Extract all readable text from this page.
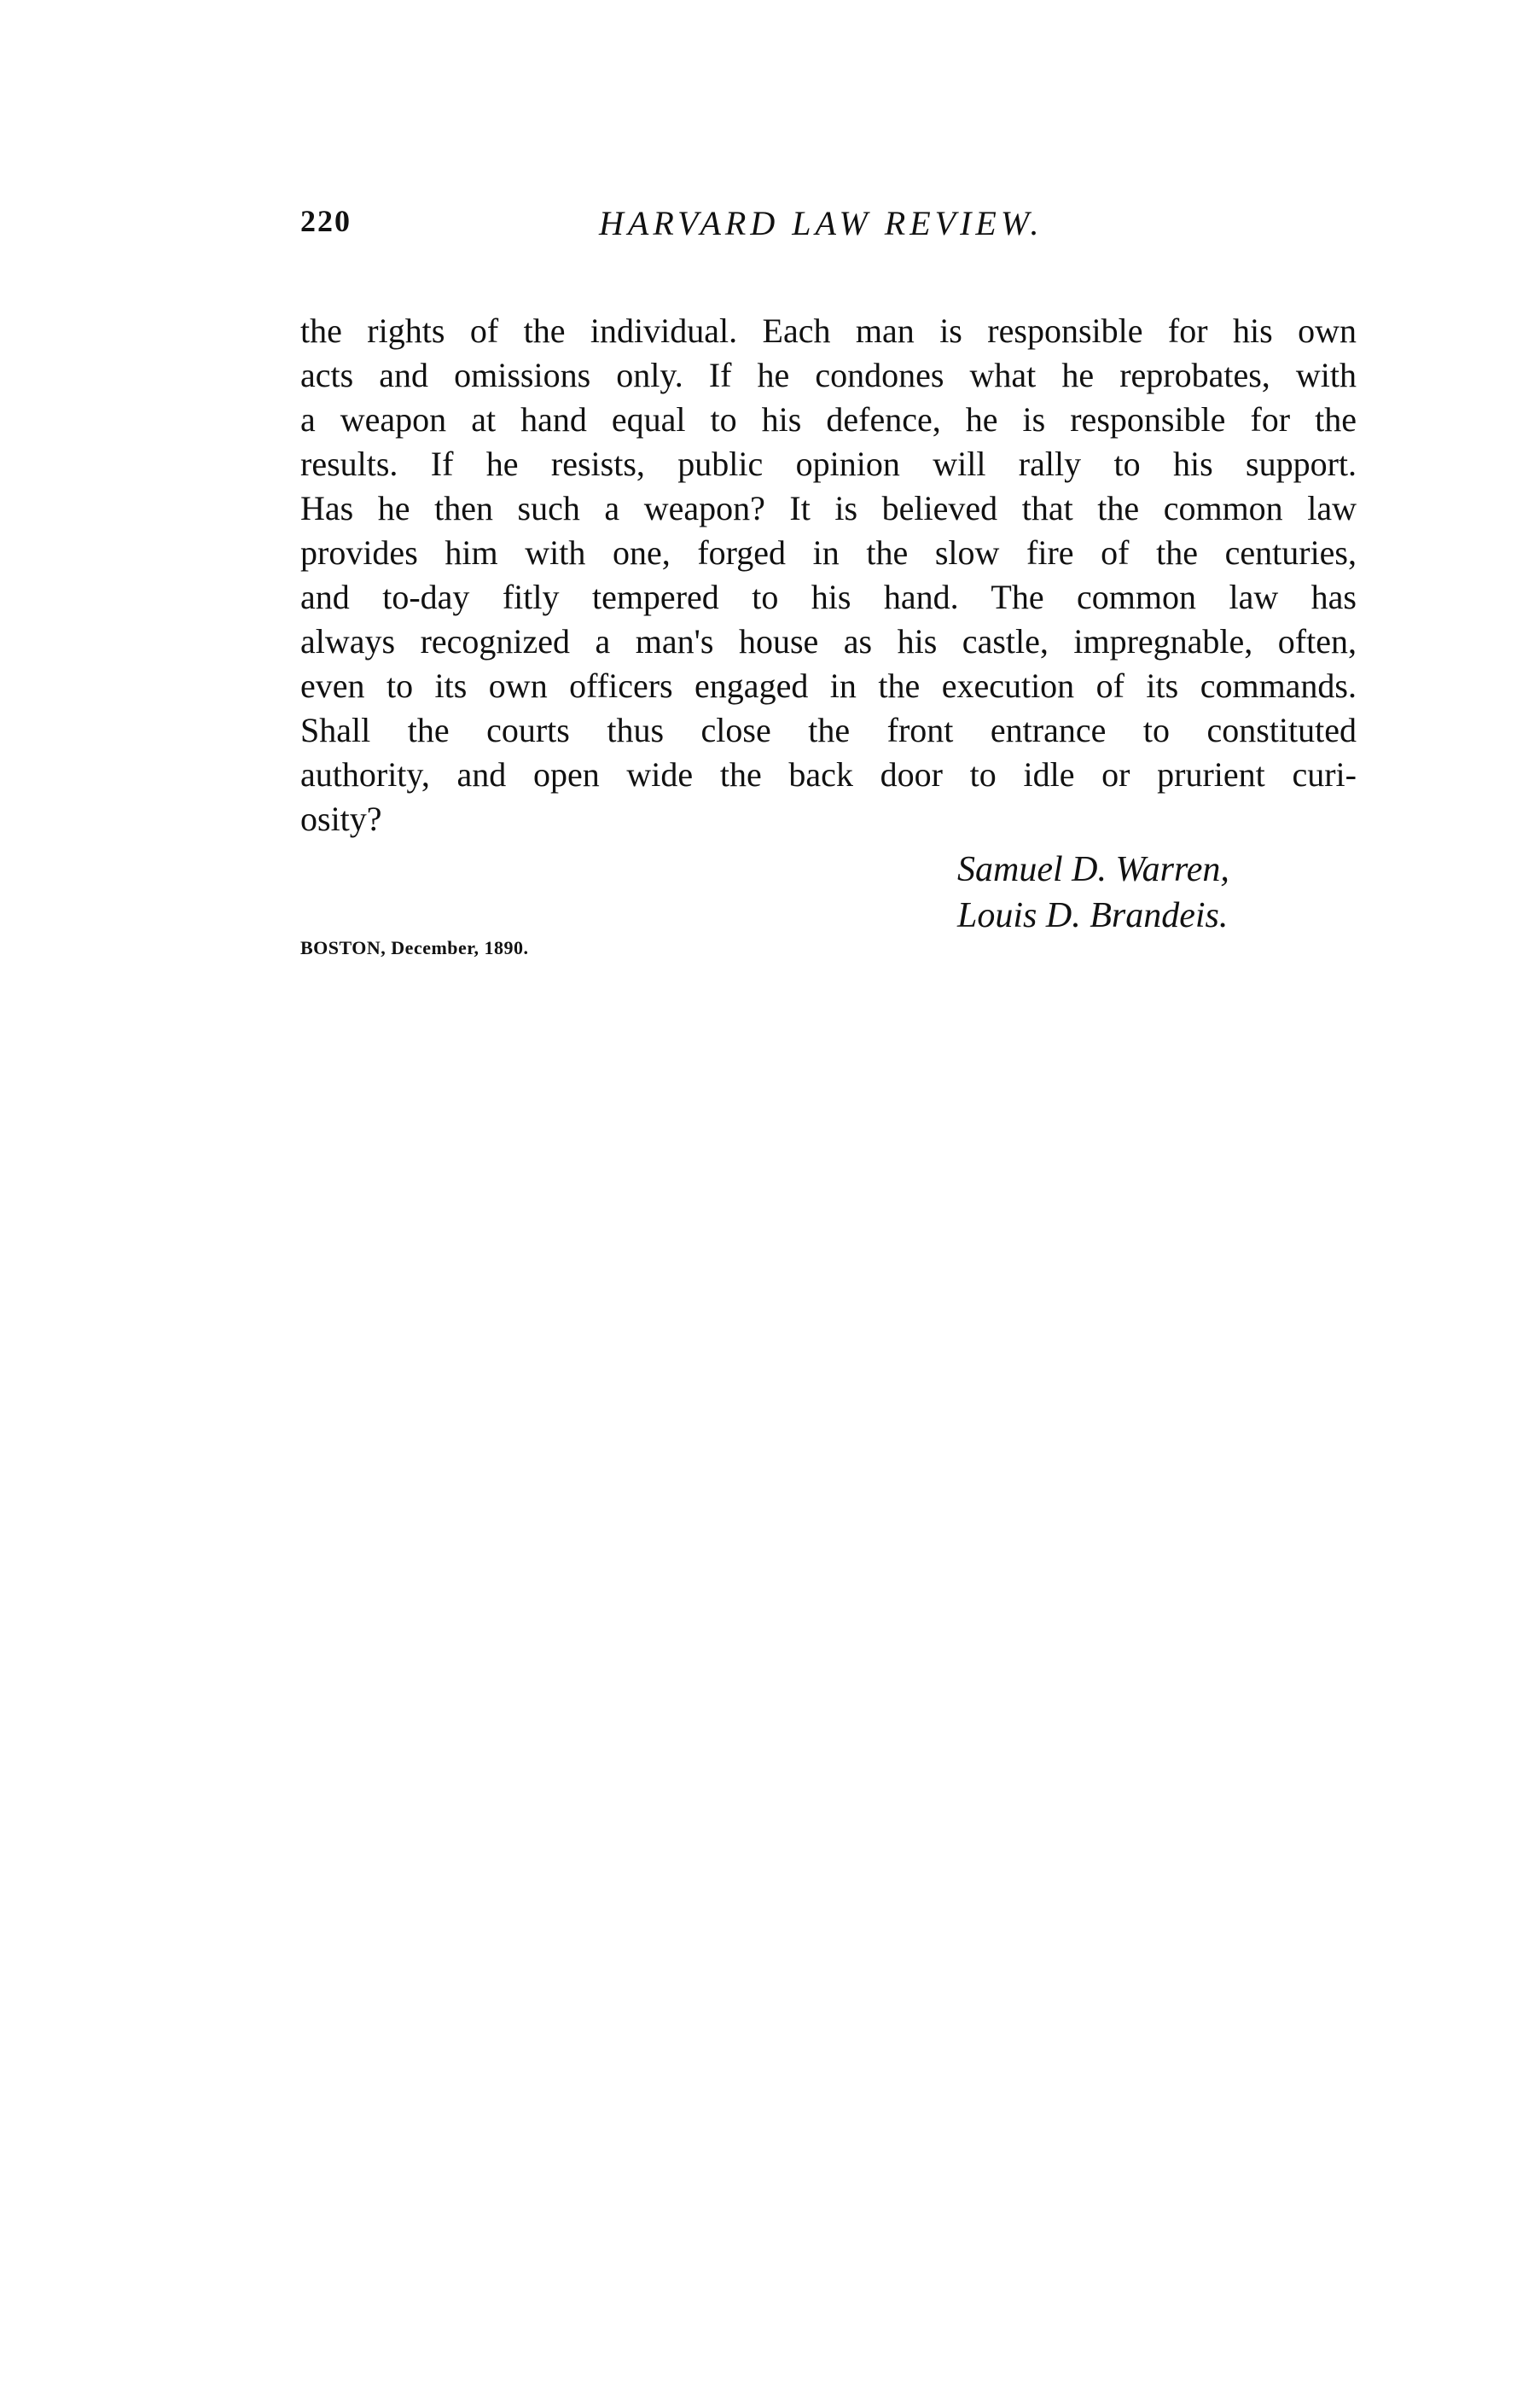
220	HARVARD LAW REVIEW.
the rights of the individual. Each man is responsible for his own
acts and omissions only. If he condones what he reprobates, with
a weapon at hand equal to his defence, he is responsible for the
results. If he resists, public opinion will rally to his support.
Has he then such a weapon? It is believed that the common law
provides him with one, forged in the slow fire of the centuries,
and to-day fitly tempered to his hand. The common law has
always recognized a man's house as his castle, impregnable, often,
even to its own officers engaged in the execution of its commands.
Shall the courts thus close the front entrance to constituted
authority, and open wide the back door to idle or prurient curi-
osity?
Samuel D. Warren,
Louis D. Brandeis.
BOSTON, December, 1890.
